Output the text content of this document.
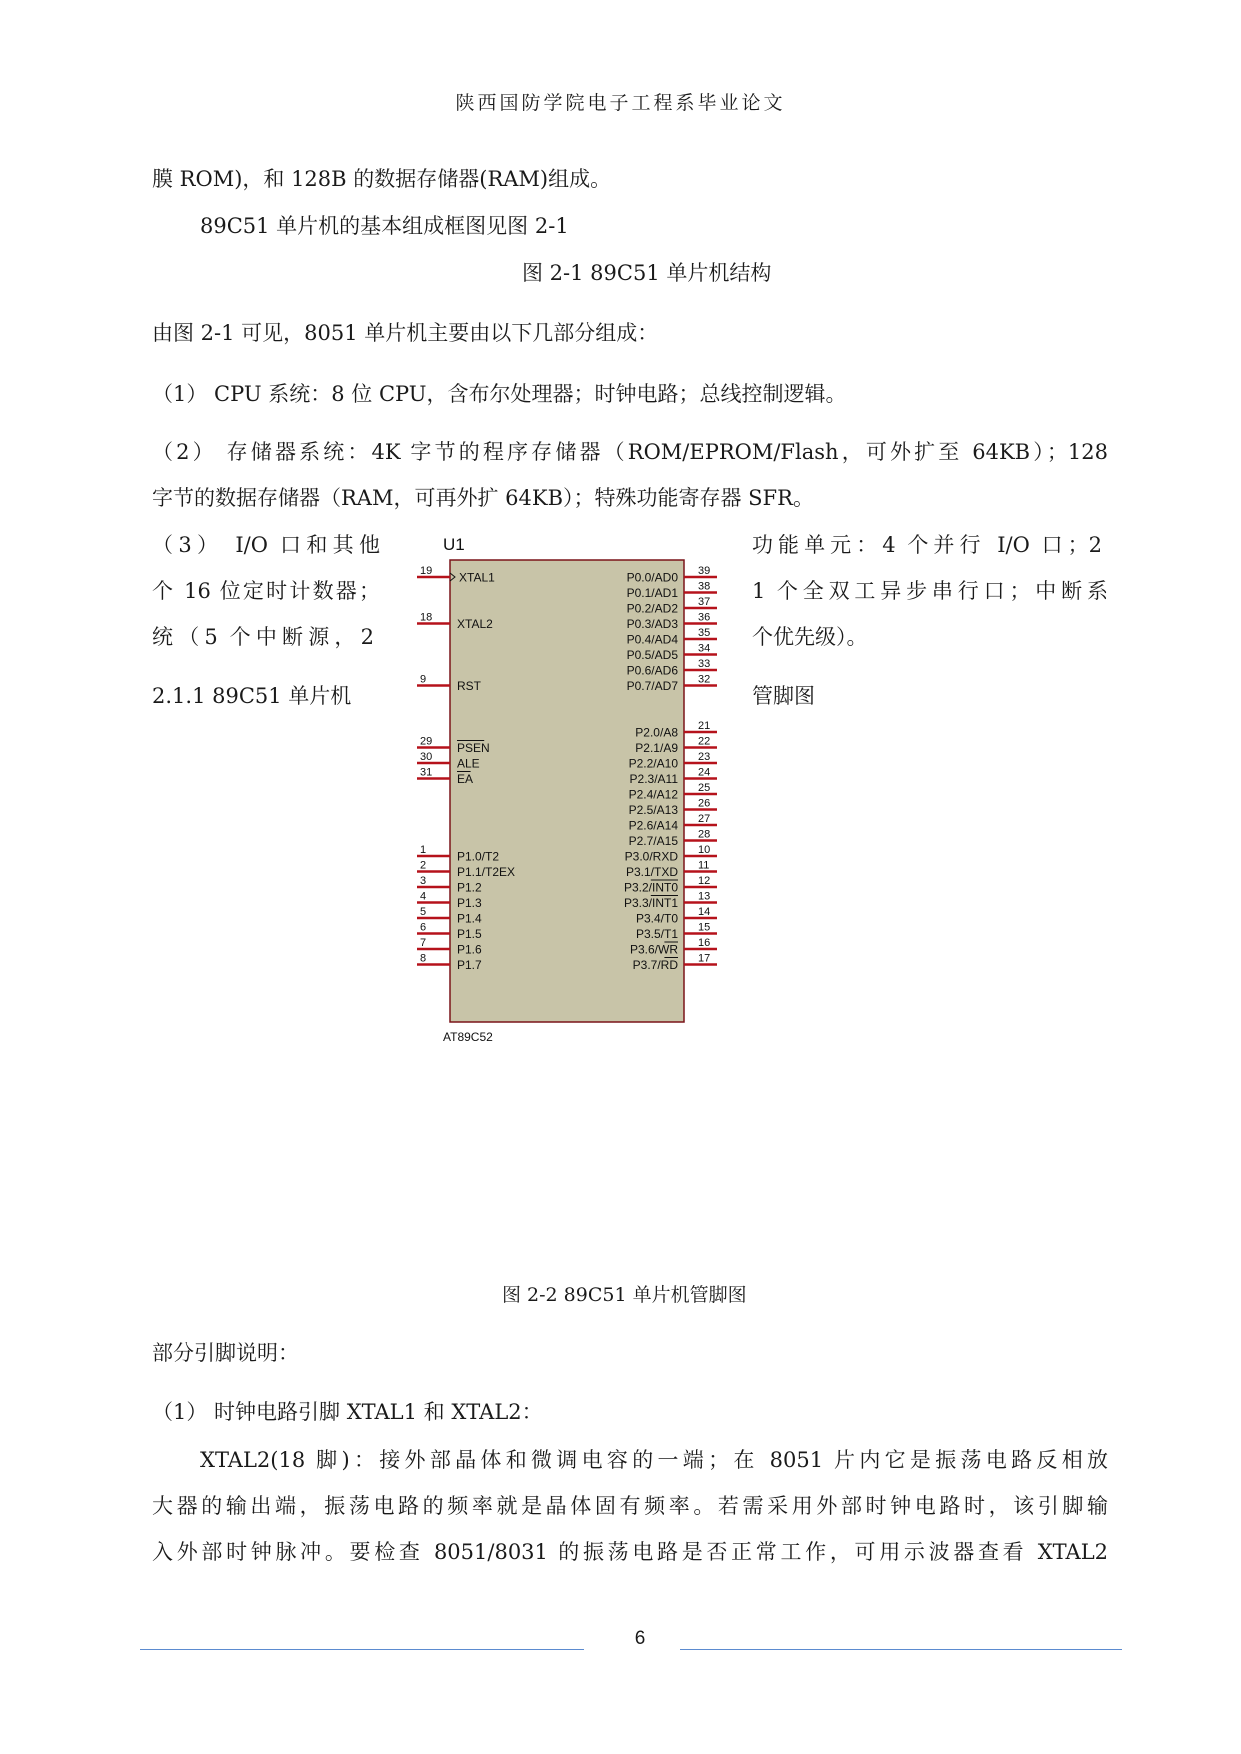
陕西国防学院电子工程系毕业论文
膜 ROM)，和 128B 的数据存储器(RAM)组成。
89C51 单片机的基本组成框图见图 2-1
图 2-1 89C51 单片机结构
由图 2-1 可见，8051 单片机主要由以下几部分组成：
（1） CPU 系统：8 位 CPU，含布尔处理器；时钟电路；总线控制逻辑。
（2） 存储器系统：4K 字节的程序存储器（ROM/EPROM/Flash，可外扩至 64KB）；128
字节的数据存储器（RAM，可再外扩 64KB）；特殊功能寄存器 SFR。
（3） I/O 口和其他	功能单元：4 个并行 I/O 口；2
个 16 位定时计数器；	1 个全双工异步串行口；中断系
统（5 个中断源，2	个优先级）。
2.1.1 89C51 单片机	管脚图
U1
AT89C52
19 XTAL1
18 XTAL2
9	RST
29 PSEN
30 ALE
31 EA
1	P1.0/T2
2	P1.1/T2EX
3	P1.2
4	P1.3
5	P1.4
6	P1.5
7	P1.6
8	P1.7
39
P0.0/AD0
38
P0.1/AD1
37
P0.2/AD2
36
P0.3/AD3
35
P0.4/AD4
34
P0.5/AD5
33
P0.6/AD6
32
P0.7/AD7
21
P2.0/A8
22
P2.1/A9
23
P2.2/A10
24
P2.3/A11
25
P2.4/A12
26
P2.5/A13
27
P2.6/A14
28
P2.7/A15
10
P3.0/RXD
11
P3.1/TXD
12
P3.2/INT0
13
P3.3/INT1
14
P3.4/T0
15
P3.5/T1
16
P3.6/WR
17
P3.7/RD
图 2-2 89C51 单片机管脚图
部分引脚说明：
（1） 时钟电路引脚 XTAL1 和 XTAL2：
XTAL2(18 脚)：接外部晶体和微调电容的一端；在 8051 片内它是振荡电路反相放
大器的输出端，振荡电路的频率就是晶体固有频率。若需采用外部时钟电路时，该引脚输
入外部时钟脉冲。要检查 8051/8031 的振荡电路是否正常工作，可用示波器查看 XTAL2
6
